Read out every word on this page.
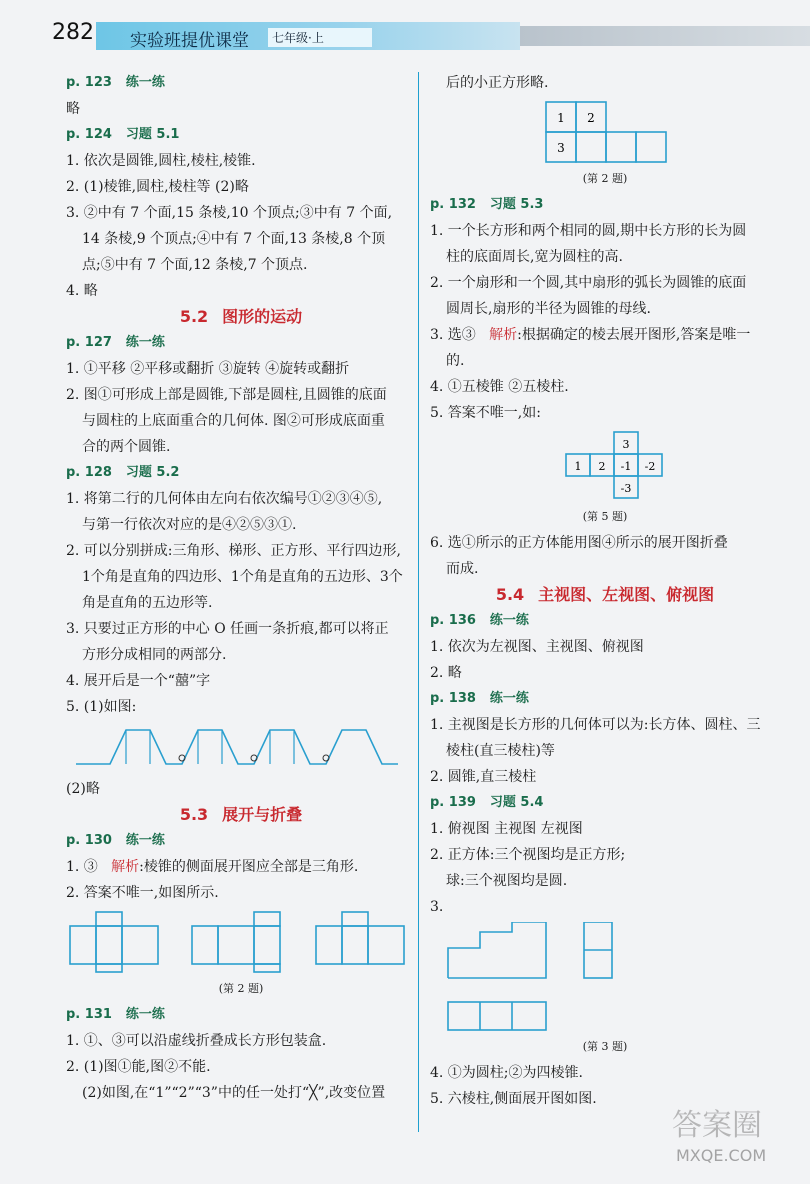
282 实验班提优课堂	七年级·上
p. 123 练一练
略
p. 124 习题 5.1
1. 依次是圆锥,圆柱,棱柱,棱锥.
2. (1)棱锥,圆柱,棱柱等 (2)略
3. ②中有 7 个面,15 条棱,10 个顶点;③中有 7 个面,
14 条棱,9 个顶点;④中有 7 个面,13 条棱,8 个顶
点;⑤中有 7 个面,12 条棱,7 个顶点.
4. 略
5.2 图形的运动
p. 127 练一练
1. ①平移 ②平移或翻折 ③旋转 ④旋转或翻折
2. 图①可形成上部是圆锥,下部是圆柱,且圆锥的底面
与圆柱的上底面重合的几何体. 图②可形成底面重
合的两个圆锥.
p. 128 习题 5.2
1. 将第二行的几何体由左向右依次编号①②③④⑤,
与第一行依次对应的是④②⑤③①.
2. 可以分别拼成:三角形、梯形、正方形、平行四边形,
1个角是直角的四边形、1个角是直角的五边形、3个
角是直角的五边形等.
3. 只要过正方形的中心 O 任画一条折痕,都可以将正
方形分成相同的两部分.
4. 展开后是一个“囍”字
5. (1)如图:
(2)略
5.3 展开与折叠
p. 130 练一练
1. ③ 解析:棱锥的侧面展开图应全部是三角形.
2. 答案不唯一,如图所示.
(第 2 题)
p. 131 练一练
1. ①、③可以沿虚线折叠成长方形包装盒.
2. (1)图①能,图②不能.
(2)如图,在“1”“2”“3”中的任一处打“╳”,改变位置
后的小正方形略.
1 2
3
(第 2 题)
p. 132 习题 5.3
1. 一个长方形和两个相同的圆,期中长方形的长为圆
柱的底面周长,宽为圆柱的高.
2. 一个扇形和一个圆,其中扇形的弧长为圆锥的底面
圆周长,扇形的半径为圆锥的母线.
3. 选③ 解析:根据确定的棱去展开图形,答案是唯一
的.
4. ①五棱锥 ②五棱柱.
5. 答案不唯一,如:
3
1 2 -1 -2
-3
(第 5 题)
6. 选①所示的正方体能用图④所示的展开图折叠
而成.
5.4 主视图、左视图、俯视图
p. 136 练一练
1. 依次为左视图、主视图、俯视图
2. 略
p. 138 练一练
1. 主视图是长方形的几何体可以为:长方体、圆柱、三
棱柱(直三棱柱)等
2. 圆锥,直三棱柱
p. 139 习题 5.4
1. 俯视图 主视图 左视图
2. 正方体:三个视图均是正方形;
球:三个视图均是圆.
3.
(第 3 题)
4. ①为圆柱;②为四棱锥.
5. 六棱柱,侧面展开图如图.
答案圈
MXQE.COM
